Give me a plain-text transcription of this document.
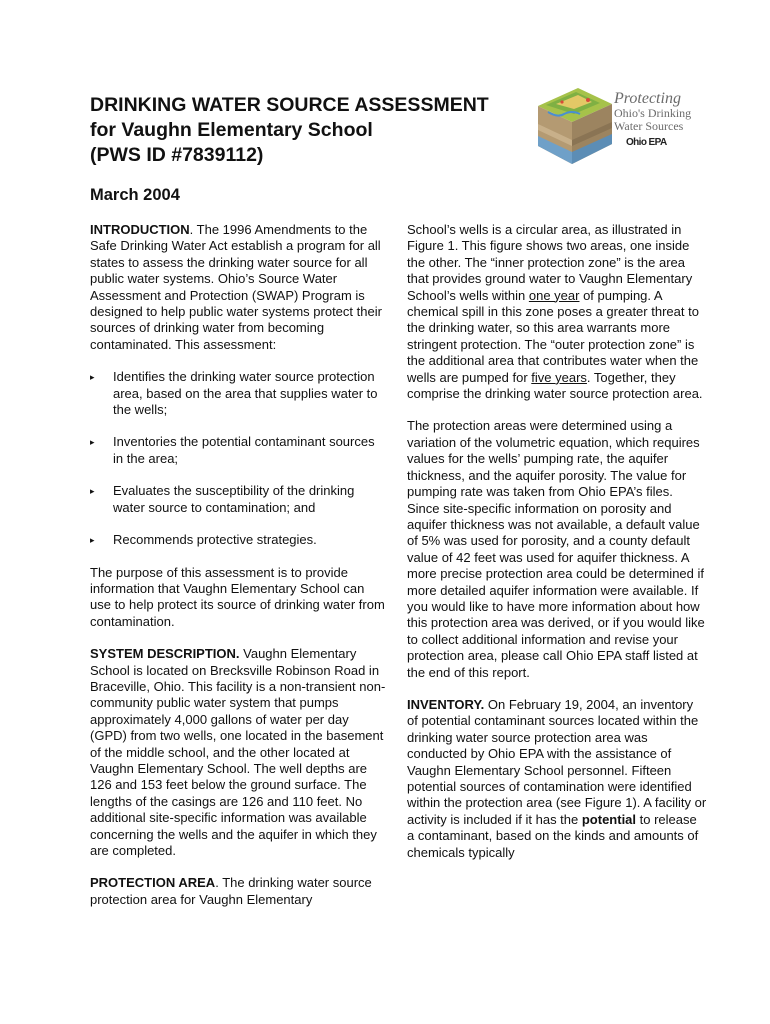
DRINKING WATER SOURCE ASSESSMENT
for Vaughn Elementary School
(PWS ID #7839112)

March 2004

Protecting
Ohio's Drinking
Water Sources
Ohio EPA

INTRODUCTION. The 1996 Amendments to the Safe Drinking Water Act establish a program for all states to assess the drinking water source for all public water systems. Ohio’s Source Water Assessment and Protection (SWAP) Program is designed to help public water systems protect their sources of drinking water from becoming contaminated. This assessment:

▸ Identifies the drinking water source protection area, based on the area that supplies water to the wells;
▸ Inventories the potential contaminant sources in the area;
▸ Evaluates the susceptibility of the drinking water source to contamination; and
▸ Recommends protective strategies.

The purpose of this assessment is to provide information that Vaughn Elementary School can use to help protect its source of drinking water from contamination.

SYSTEM DESCRIPTION. Vaughn Elementary School is located on Brecksville Robinson Road in Braceville, Ohio. This facility is a non-transient non-community public water system that pumps approximately 4,000 gallons of water per day (GPD) from two wells, one located in the basement of the middle school, and the other located at Vaughn Elementary School. The well depths are 126 and 153 feet below the ground surface. The lengths of the casings are 126 and 110 feet. No additional site-specific information was available concerning the wells and the aquifer in which they are completed.

PROTECTION AREA. The drinking water source protection area for Vaughn Elementary

School’s wells is a circular area, as illustrated in Figure 1. This figure shows two areas, one inside the other. The “inner protection zone” is the area that provides ground water to Vaughn Elementary School’s wells within one year of pumping. A chemical spill in this zone poses a greater threat to the drinking water, so this area warrants more stringent protection. The “outer protection zone” is the additional area that contributes water when the wells are pumped for five years. Together, they comprise the drinking water source protection area.

The protection areas were determined using a variation of the volumetric equation, which requires values for the wells’ pumping rate, the aquifer thickness, and the aquifer porosity. The value for pumping rate was taken from Ohio EPA’s files. Since site-specific information on porosity and aquifer thickness was not available, a default value of 5% was used for porosity, and a county default value of 42 feet was used for aquifer thickness. A more precise protection area could be determined if more detailed aquifer information were available. If you would like to have more information about how this protection area was derived, or if you would like to collect additional information and revise your protection area, please call Ohio EPA staff listed at the end of this report.

INVENTORY. On February 19, 2004, an inventory of potential contaminant sources located within the drinking water source protection area was conducted by Ohio EPA with the assistance of Vaughn Elementary School personnel. Fifteen potential sources of contamination were identified within the protection area (see Figure 1). A facility or activity is included if it has the potential to release a contaminant, based on the kinds and amounts of chemicals typically
